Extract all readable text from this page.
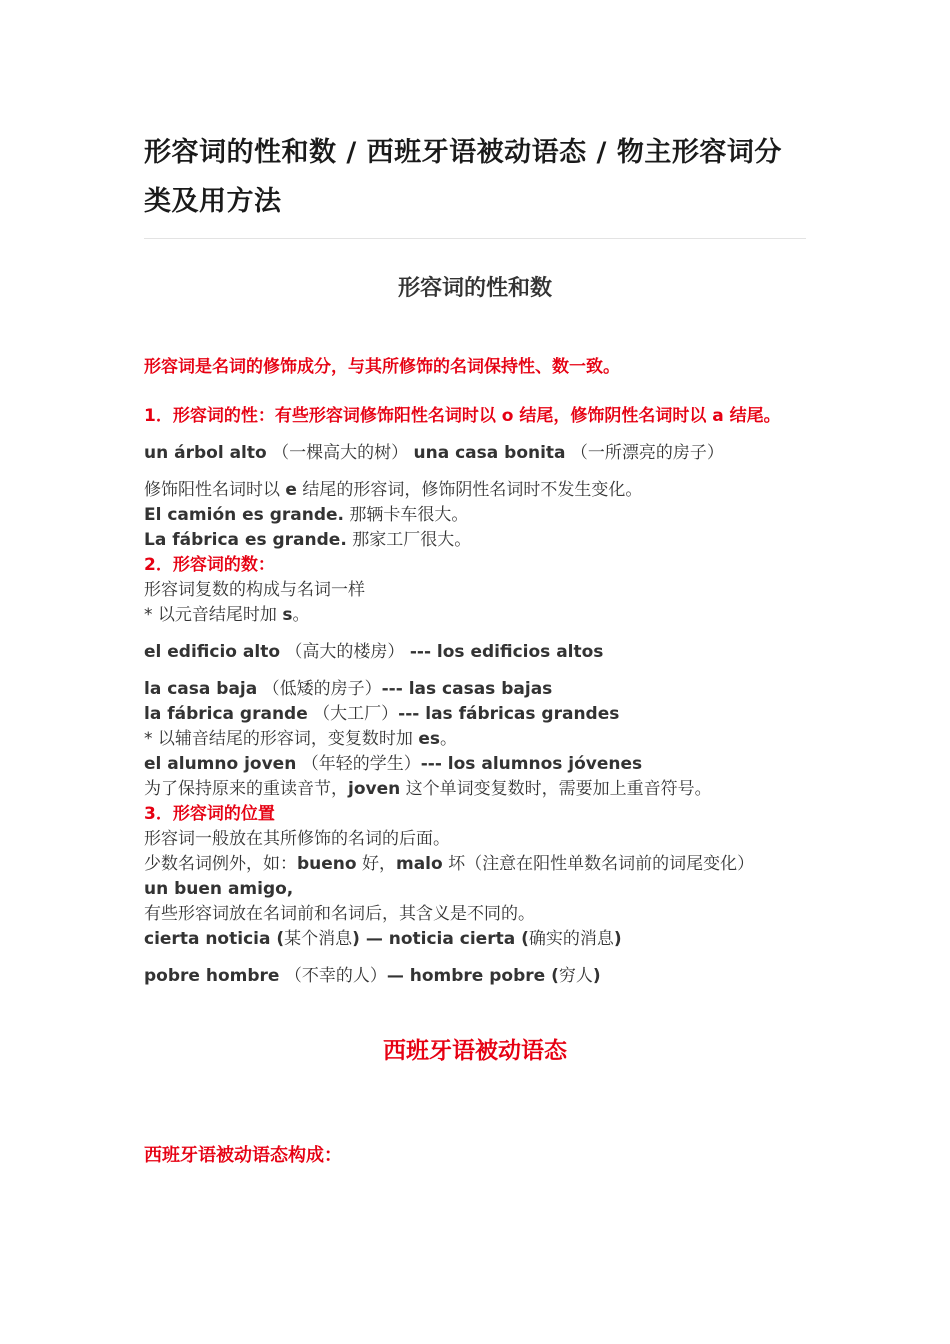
形容词的性和数 / 西班牙语被动语态 / 物主形容词分类及用方法
形容词的性和数

形容词是名词的修饰成分，与其所修饰的名词保持性、数一致。

1．形容词的性：有些形容词修饰阳性名词时以 o 结尾，修饰阴性名词时以 a 结尾。

un árbol alto （一棵高大的树） una casa bonita （一所漂亮的房子）

修饰阳性名词时以 e 结尾的形容词，修饰阴性名词时不发生变化。

El camión es grande. 那辆卡车很大。

La fábrica es grande. 那家工厂很大。

2．形容词的数：

形容词复数的构成与名词一样

* 以元音结尾时加 s。

el edificio alto （高大的楼房） --- los edificios altos

la casa baja （低矮的房子）--- las casas bajas

la fábrica grande （大工厂）--- las fábricas grandes

* 以辅音结尾的形容词，变复数时加 es。

el alumno joven （年轻的学生）--- los alumnos jóvenes

为了保持原来的重读音节，joven 这个单词变复数时，需要加上重音符号。

3．形容词的位置

形容词一般放在其所修饰的名词的后面。

少数名词例外，如：bueno 好，malo 坏（注意在阳性单数名词前的词尾变化）

un buen amigo,

有些形容词放在名词前和名词后，其含义是不同的。

cierta noticia (某个消息) — noticia cierta (确实的消息)

pobre hombre （不幸的人）— hombre pobre (穷人)

西班牙语被动语态

西班牙语被动语态构成：
